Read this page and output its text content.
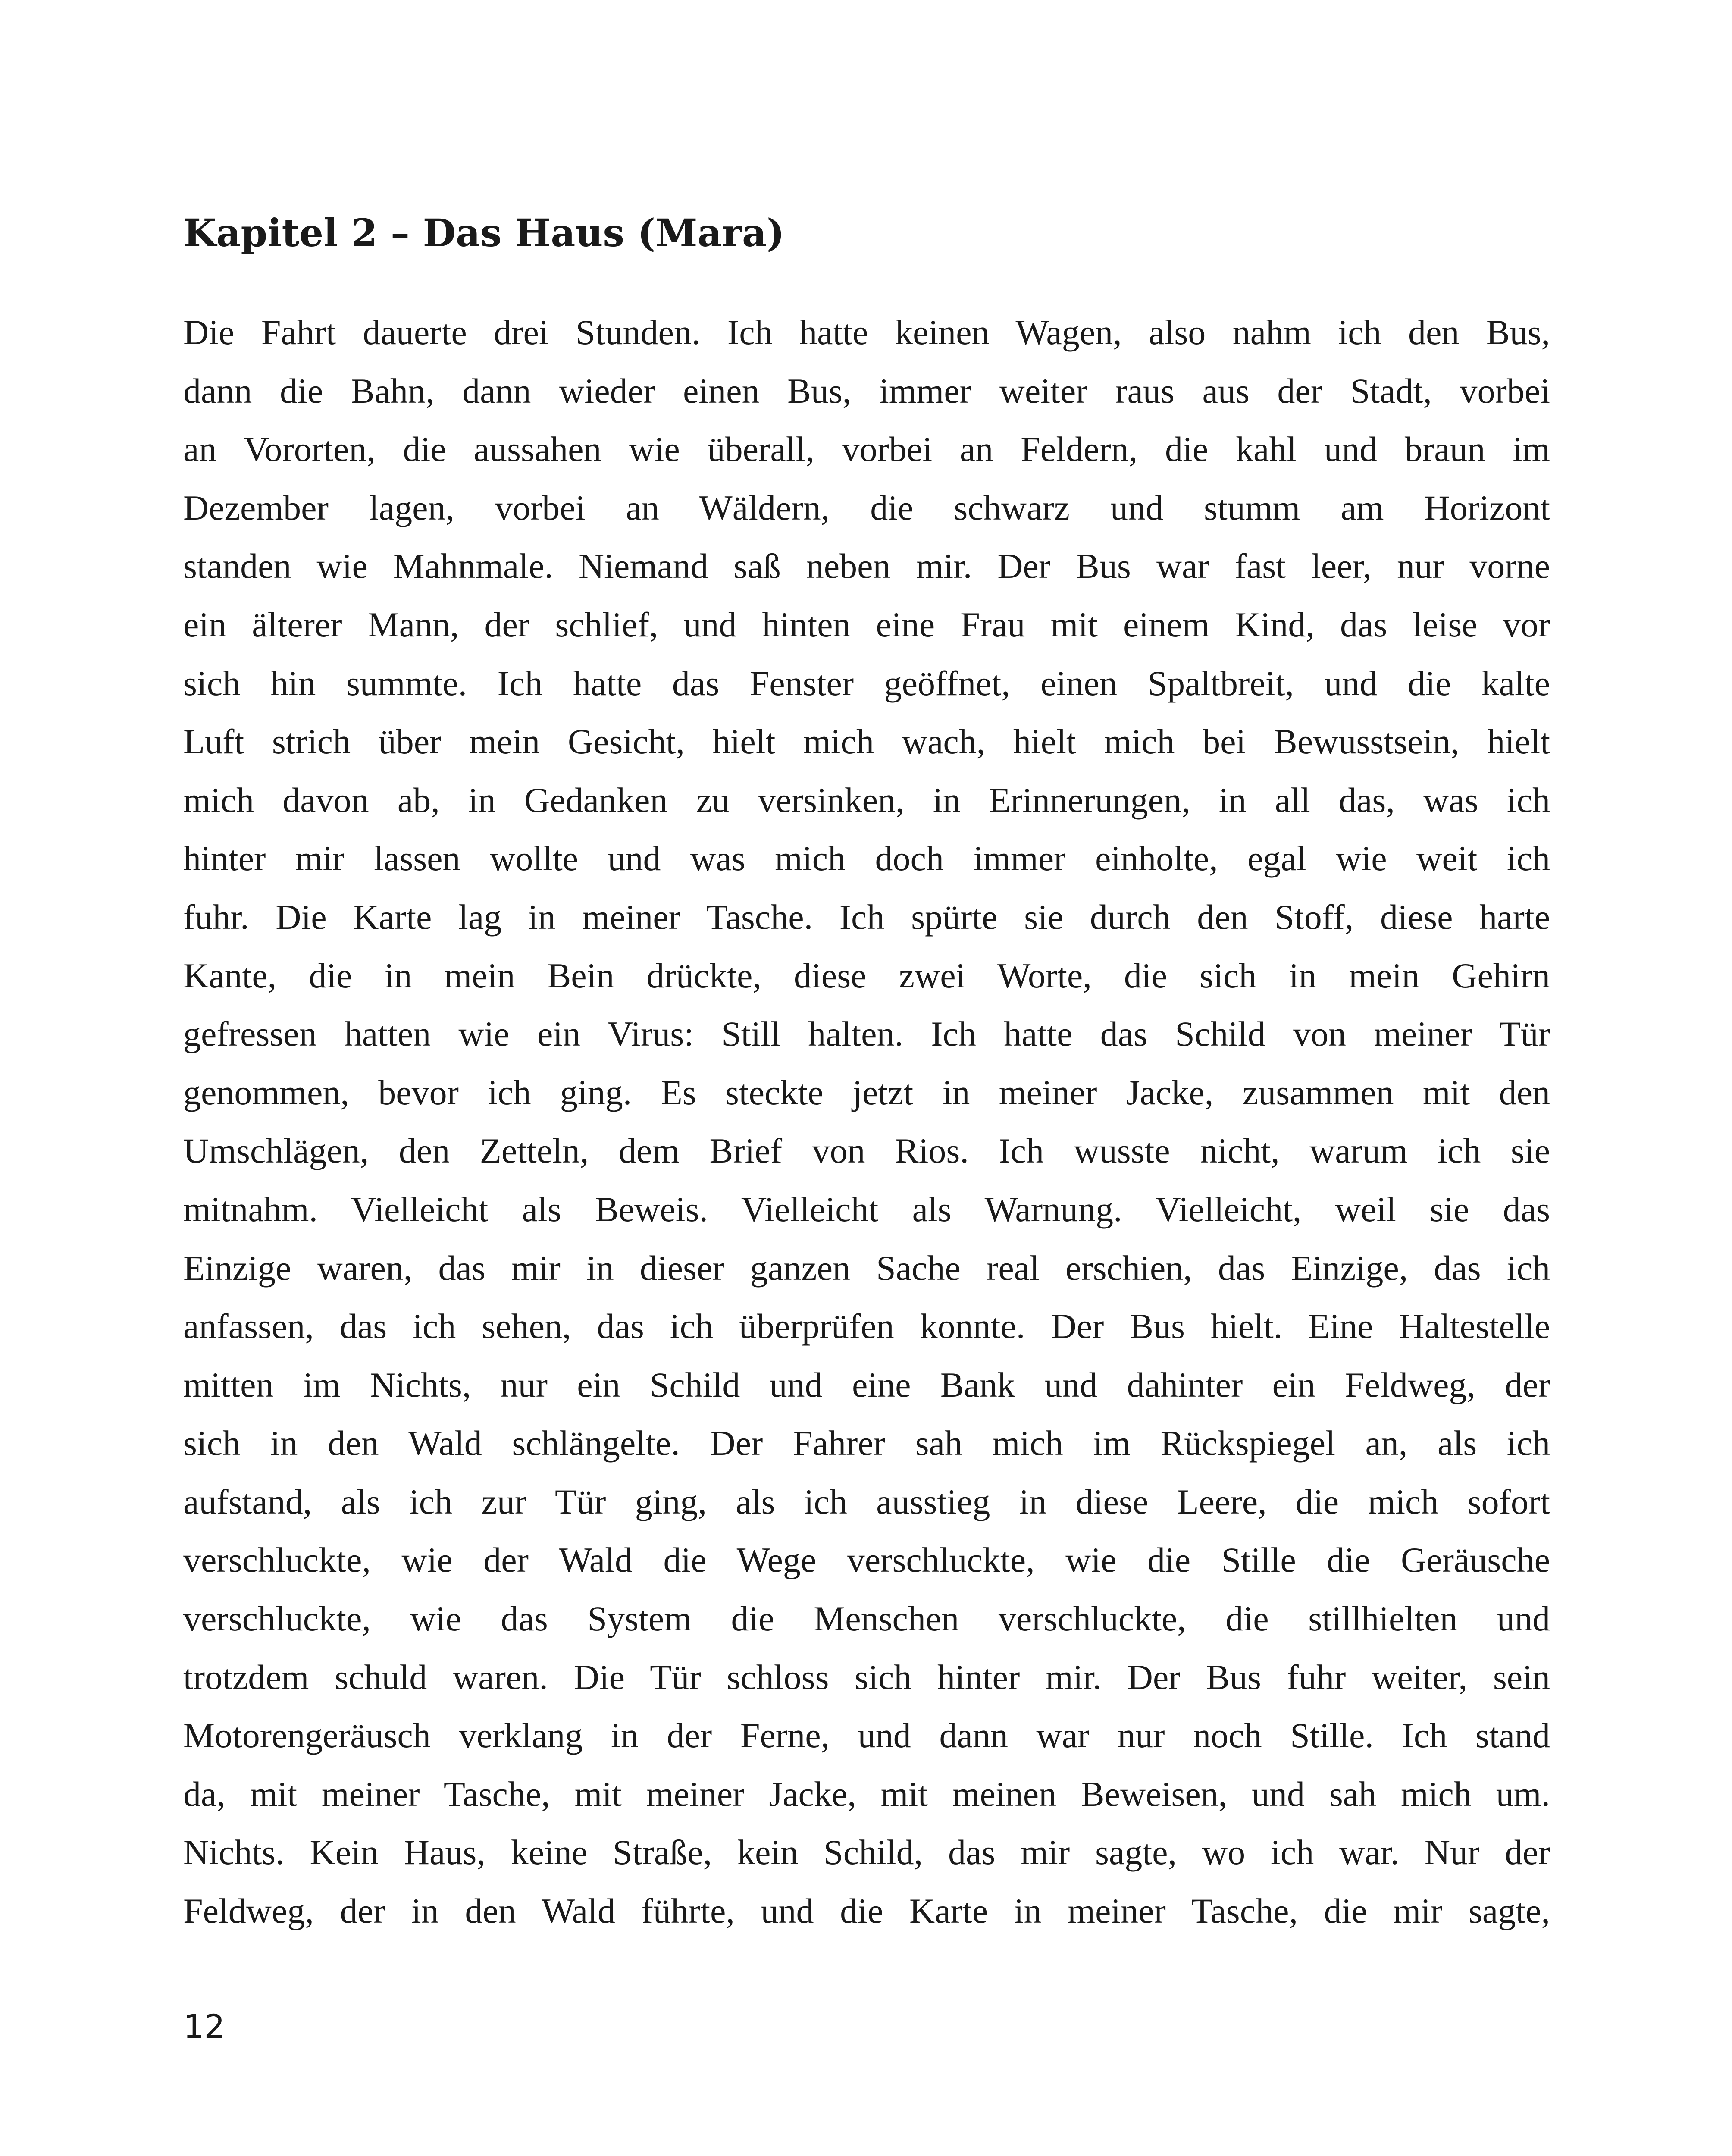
Kapitel 2 – Das Haus (Mara)
Die Fahrt dauerte drei Stunden. Ich hatte keinen Wagen, also nahm ich den Bus,
dann die Bahn, dann wieder einen Bus, immer weiter raus aus der Stadt, vorbei
an Vororten, die aussahen wie überall, vorbei an Feldern, die kahl und braun im
Dezember lagen, vorbei an Wäldern, die schwarz und stumm am Horizont
standen wie Mahnmale. Niemand saß neben mir. Der Bus war fast leer, nur vorne
ein älterer Mann, der schlief, und hinten eine Frau mit einem Kind, das leise vor
sich hin summte. Ich hatte das Fenster geöffnet, einen Spaltbreit, und die kalte
Luft strich über mein Gesicht, hielt mich wach, hielt mich bei Bewusstsein, hielt
mich davon ab, in Gedanken zu versinken, in Erinnerungen, in all das, was ich
hinter mir lassen wollte und was mich doch immer einholte, egal wie weit ich
fuhr. Die Karte lag in meiner Tasche. Ich spürte sie durch den Stoff, diese harte
Kante, die in mein Bein drückte, diese zwei Worte, die sich in mein Gehirn
gefressen hatten wie ein Virus: Still halten. Ich hatte das Schild von meiner Tür
genommen, bevor ich ging. Es steckte jetzt in meiner Jacke, zusammen mit den
Umschlägen, den Zetteln, dem Brief von Rios. Ich wusste nicht, warum ich sie
mitnahm. Vielleicht als Beweis. Vielleicht als Warnung. Vielleicht, weil sie das
Einzige waren, das mir in dieser ganzen Sache real erschien, das Einzige, das ich
anfassen, das ich sehen, das ich überprüfen konnte. Der Bus hielt. Eine Haltestelle
mitten im Nichts, nur ein Schild und eine Bank und dahinter ein Feldweg, der
sich in den Wald schlängelte. Der Fahrer sah mich im Rückspiegel an, als ich
aufstand, als ich zur Tür ging, als ich ausstieg in diese Leere, die mich sofort
verschluckte, wie der Wald die Wege verschluckte, wie die Stille die Geräusche
verschluckte, wie das System die Menschen verschluckte, die stillhielten und
trotzdem schuld waren. Die Tür schloss sich hinter mir. Der Bus fuhr weiter, sein
Motorengeräusch verklang in der Ferne, und dann war nur noch Stille. Ich stand
da, mit meiner Tasche, mit meiner Jacke, mit meinen Beweisen, und sah mich um.
Nichts. Kein Haus, keine Straße, kein Schild, das mir sagte, wo ich war. Nur der
Feldweg, der in den Wald führte, und die Karte in meiner Tasche, die mir sagte,
12
